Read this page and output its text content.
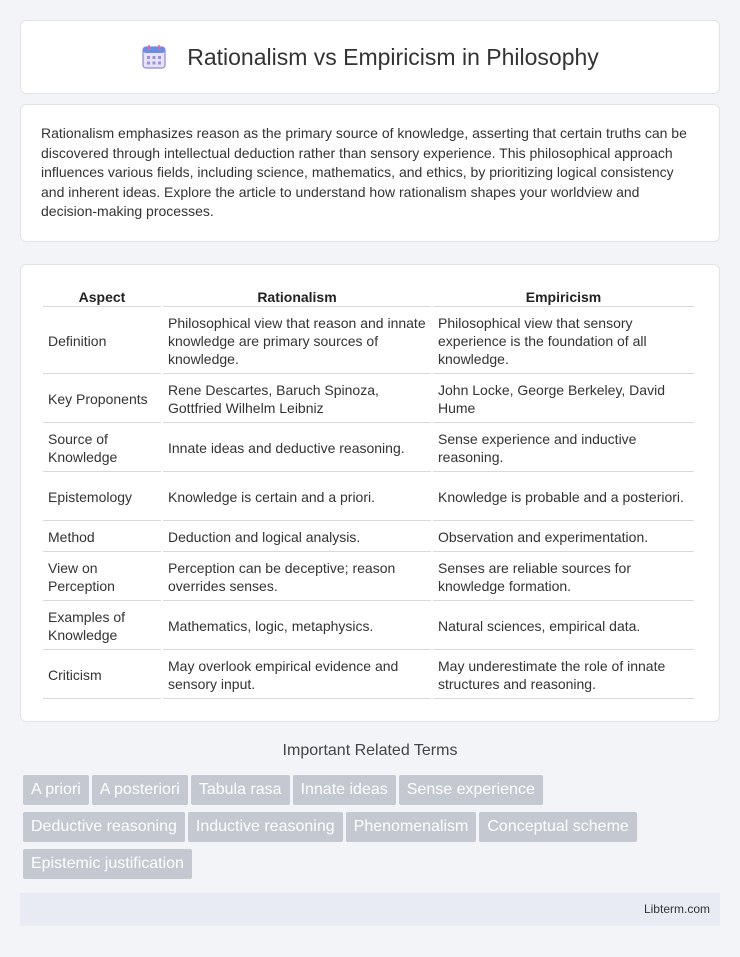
Rationalism vs Empiricism in Philosophy

Rationalism emphasizes reason as the primary source of knowledge, asserting that certain truths can be discovered through intellectual deduction rather than sensory experience. This philosophical approach influences various fields, including science, mathematics, and ethics, by prioritizing logical consistency and inherent ideas. Explore the article to understand how rationalism shapes your worldview and decision-making processes.

Aspect	Rationalism	Empiricism
Definition	Philosophical view that reason and innate knowledge are primary sources of knowledge.	Philosophical view that sensory experience is the foundation of all knowledge.
Key Proponents	Rene Descartes, Baruch Spinoza, Gottfried Wilhelm Leibniz	John Locke, George Berkeley, David Hume
Source of Knowledge	Innate ideas and deductive reasoning.	Sense experience and inductive reasoning.
Epistemology	Knowledge is certain and a priori.	Knowledge is probable and a posteriori.
Method	Deduction and logical analysis.	Observation and experimentation.
View on Perception	Perception can be deceptive; reason overrides senses.	Senses are reliable sources for knowledge formation.
Examples of Knowledge	Mathematics, logic, metaphysics.	Natural sciences, empirical data.
Criticism	May overlook empirical evidence and sensory input.	May underestimate the role of innate structures and reasoning.
Important Related Terms
A priori A posteriori Tabula rasa Innate ideas Sense experience
Deductive reasoning Inductive reasoning Phenomenalism Conceptual scheme
Epistemic justification
Libterm.com
